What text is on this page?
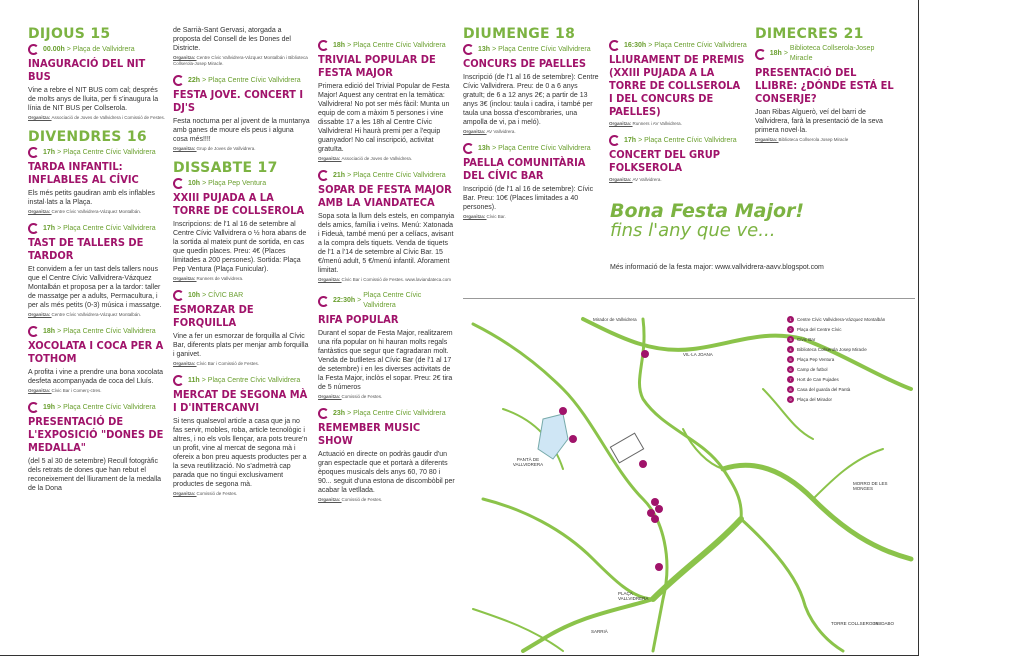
DIJOUS 15
00.00h > Plaça de Vallvidrera
INAGURACIÓ DEL NIT BUS
Vine a rebre el NIT BUS com cal; després de molts anys de lluita, per fi s'inaugura la línia de NIT BUS per Collserola.
Organitza: Associació de Joves de Vallvidrera i Comissió de Festes.
DIVENDRES 16
17h > Plaça Centre Cívic Vallvidrera
TARDA INFANTIL: INFLABLES AL CÍVIC
Els més petits gaudiran amb els inflables instal·lats a la Plaça.
Organitza: Centre Cívic Vallvidrera-Vázquez Montalbán.
17h > Plaça Centre Cívic Vallvidrera
TAST DE TALLERS DE TARDOR
Et convidem a fer un tast dels tallers nous que el Centre Cívic Vallvidrera-Vázquez Montalbán et proposa per a la tardor: taller de massatge per a adults, Permacultura, i per als més petits (0-3) música i massatge.
Organitza: Centre Cívic Vallvidrera-Vázquez Montalbán.
18h > Plaça Centre Cívic Vallvidrera
XOCOLATA I COCA PER A TOTHOM
A profita i vine a prendre una bona xocolata desfeta acompanyada de coca del Lluís.
Organitza: Cívic Bar i Comerç-ctres.
19h > Plaça Centre Cívic Vallvidrera
PRESENTACIÓ DE L'EXPOSICIÓ "DONES DE MEDALLA"
(del 5 al 30 de setembre) Recull fotogràfic dels retrats de dones que han rebut el reconeixement del lliurament de la medalla de la Dona
de Sarrià-Sant Gervasi, atorgada a proposta del Consell de les Dones del Districte.
Organitza: Centre Cívic Vallvidrera-Vázquez Montalbán i Biblioteca Collserola-Josep Miracle.
22h > Plaça Centre Cívic Vallvidrera
FESTA JOVE. CONCERT I DJ'S
Festa nocturna per al jovent de la muntanya amb ganes de moure els peus i alguna cosa més!!!!
Organitza: Grup de Joves de Vallvidrera.
DISSABTE 17
10h > Plaça Pep Ventura
XXIII PUJADA A LA TORRE DE COLLSEROLA
Inscripcions: de l'1 al 16 de setembre al Centre Cívic Vallvidrera o ½ hora abans de la sortida al mateix punt de sortida, en cas que quedin places. Preu: 4€ (Places limitades a 200 persones). Sortida: Plaça Pep Ventura (Plaça Funicular).
Organitza: Runners de Vallvidrera.
10h > CÍVIC BAR
ESMORZAR DE FORQUILLA
Vine a fer un esmorzar de forquilla al Cívic Bar, diferents plats per menjar amb forquilla i ganivet.
Organitza: Cívic Bar i Comissió de Festes.
11h > Plaça Centre Cívic Vallvidrera
MERCAT DE SEGONA MÀ I D'INTERCANVI
Si tens qualsevol article a casa que ja no fas servir, mobles, roba, article tecnològic i altres, i no els vols llençar, ara pots treure'n un profit, vine al mercat de segona mà i ofereix a bon preu aquests productes per a la seva reutilització. No s'admetrà cap parada que no tingui exclusivament productes de segona mà.
Organitza: Comissió de Festes.
18h > Plaça Centre Cívic Vallvidrera
TRIVIAL POPULAR DE FESTA MAJOR
Primera edició del Trivial Popular de Festa Major! Aquest any centrat en la temàtica: Vallvidrera! No pot ser més fàcil: Munta un equip de com a màxim 5 persones i vine dissabte 17 a les 18h al Centre Cívic Vallvidrera! Hi haurà premi per a l'equip guanyador! No cal inscripció, activitat gratuïta.
Organitza: Associació de Joves de Vallvidrera.
21h > Plaça Centre Cívic Vallvidrera
SOPAR DE FESTA MAJOR AMB LA VIANDATECA
Sopa sota la llum dels estels, en companyia dels amics, família i veïns. Menú: Xatonada i Fideuà, també menú per a celíacs, avisant a la compra dels tiquets. Venda de tiquets de l'1 a l'14 de setembre al Cívic Bar. 15 €/menú adult, 5 €/menú infantil. Aforament limitat.
Organitza: Cívic Bar i Comissió de Festes. www.laviandateca.com
22:30h >
Plaça Centre Cívic Vallvidrera
RIFA POPULAR
Durant el sopar de Festa Major, realitzarem una rifa popular on hi hauran molts regals fantàstics que segur que t'agradaran molt. Venda de butlletes al Cívic Bar (de l'1 al 17 de setembre) i en les diverses activitats de la Festa Major, inclòs el sopar. Preu: 2€ tira de 5 números
Organitza: Comissió de Festes.
23h > Plaça Centre Cívic Vallvidrera
REMEMBER MUSIC SHOW
Actuació en directe on podràs gaudir d'un gran espectacle que et portarà a diferents èpoques musicals dels anys 60, 70 80 i 90... seguit d'una estona de discombòbil per acabar la vetllada.
Organitza: Comissió de Festes.
DIUMENGE 18
13h > Plaça Centre Cívic Vallvidrera
CONCURS DE PAELLES
Inscripció (de l'1 al 16 de setembre): Centre Cívic Vallvidrera. Preu: de 0 a 6 anys gratuït; de 6 a 12 anys 2€; a partir de 13 anys 3€ (inclou: taula i cadira, i també per taula una bossa d'escombraries, una ampolla de vi, pa i meló).
Organitza: AV Vallvidrera.
13h > Plaça Centre Cívic Vallvidrera
PAELLA COMUNITÀRIA DEL CÍVIC BAR
Inscripció (de l'1 al 16 de setembre): Cívic Bar. Preu: 10€ (Places limitades a 40 persones).
Organitza: Cívic Bar.
16:30h > Plaça Centre Cívic Vallvidrera
LLIURAMENT DE PREMIS (XXIII PUJADA A LA TORRE DE COLLSEROLA I DEL CONCURS DE PAELLES)
Organitza: Runners i AV Vallvidrera.
17h > Plaça Centre Cívic Vallvidrera
CONCERT DEL GRUP FOLKSEROLA
Organitza: AV Vallvidrera.
DIMECRES 21
18h >
Biblioteca Collserola-Josep Miracle
PRESENTACIÓ DEL LLIBRE: ¿DÓNDE ESTÁ EL CONSERJE?
Joan Ribas Alguerò, veí del barri de Vallvidrera, farà la presentació de la seva primera novel·la.
Organitza: Biblioteca Collserola Josep Miracle
Bona Festa Major!
fins l'any que ve...
Més informació de la festa major: www.vallvidrera-aavv.blogspot.com
Mirador de Vallvidrera
VIL·LA JOANA
PANTÀ DE VALLVIDRERA
MORRO DE LES MONGES
PLAÇA VALLVIDRERA
SARRIÀ
TORRE COLLSEROLA
TIBIDABO
1	Centre Cívic Vallvidrera-Vázquez Montalbán
2	Plaça del Centre Cívic
3	Cívic Bar
4	Biblioteca Collserola Josep Miracle
5	Plaça Pep Ventura
6	Camp de futbol
7	Hort de Can Pujades
8	Casa del guarda del Pantà
9	Plaça del Mirador
